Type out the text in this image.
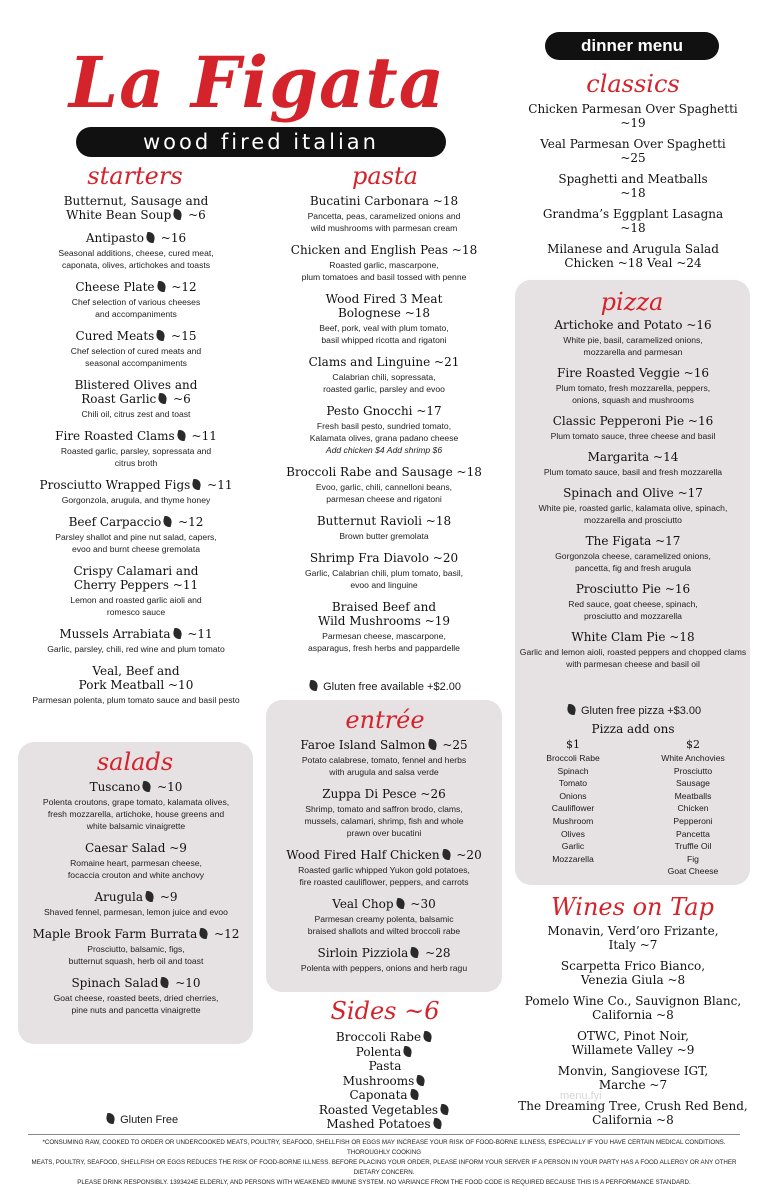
La Figata
wood fired italian
dinner menu
starters
Butternut, Sausage and
White Bean Soup ~6
Antipasto ~16
Seasonal additions, cheese, cured meat,
caponata, olives, artichokes and toasts
Cheese Plate ~12
Chef selection of various cheeses
and accompaniments
Cured Meats ~15
Chef selection of cured meats and
seasonal accompaniments
Blistered Olives and
Roast Garlic ~6
Chili oil, citrus zest and toast
Fire Roasted Clams ~11
Roasted garlic, parsley, sopressata and
citrus broth
Prosciutto Wrapped Figs ~11
Gorgonzola, arugula, and thyme honey
Beef Carpaccio ~12
Parsley shallot and pine nut salad, capers,
evoo and burnt cheese gremolata
Crispy Calamari and
Cherry Peppers ~11
Lemon and roasted garlic aioli and
romesco sauce
Mussels Arrabiata ~11
Garlic, parsley, chili, red wine and plum tomato
Veal, Beef and
Pork Meatball ~10
Parmesan polenta, plum tomato sauce and basil pesto
salads
Tuscano ~10
Polenta croutons, grape tomato, kalamata olives,
fresh mozzarella, artichoke, house greens and
white balsamic vinaigrette
Caesar Salad ~9
Romaine heart, parmesan cheese,
focaccia crouton and white anchovy
Arugula ~9
Shaved fennel, parmesan, lemon juice and evoo
Maple Brook Farm Burrata ~12
Prosciutto, balsamic, figs,
butternut squash, herb oil and toast
Spinach Salad ~10
Goat cheese, roasted beets, dried cherries,
pine nuts and pancetta vinaigrette
Gluten Free
pasta
Bucatini Carbonara ~18
Pancetta, peas, caramelized onions and
wild mushrooms with parmesan cream
Chicken and English Peas ~18
Roasted garlic, mascarpone,
plum tomatoes and basil tossed with penne
Wood Fired 3 Meat
Bolognese ~18
Beef, pork, veal with plum tomato,
basil whipped ricotta and rigatoni
Clams and Linguine ~21
Calabrian chili, sopressata,
roasted garlic, parsley and evoo
Pesto Gnocchi ~17
Fresh basil pesto, sundried tomato,
Kalamata olives, grana padano cheese
Add chicken $4 Add shrimp $6
Broccoli Rabe and Sausage ~18
Evoo, garlic, chili, cannelloni beans,
parmesan cheese and rigatoni
Butternut Ravioli ~18
Brown butter gremolata
Shrimp Fra Diavolo ~20
Garlic, Calabrian chili, plum tomato, basil,
evoo and linguine
Braised Beef and
Wild Mushrooms ~19
Parmesan cheese, mascarpone,
asparagus, fresh herbs and pappardelle
Gluten free available +$2.00
entrée
Faroe Island Salmon ~25
Potato calabrese, tomato, fennel and herbs
with arugula and salsa verde
Zuppa Di Pesce ~26
Shrimp, tomato and saffron brodo, clams,
mussels, calamari, shrimp, fish and whole
prawn over bucatini
Wood Fired Half Chicken ~20
Roasted garlic whipped Yukon gold potatoes,
fire roasted cauliflower, peppers, and carrots
Veal Chop ~30
Parmesan creamy polenta, balsamic
braised shallots and wilted broccoli rabe
Sirloin Pizziola ~28
Polenta with peppers, onions and herb ragu
Sides ~6
Broccoli Rabe
Polenta
Pasta
Mushrooms
Caponata
Roasted Vegetables
Mashed Potatoes
classics
Chicken Parmesan Over Spaghetti
~19
Veal Parmesan Over Spaghetti
~25
Spaghetti and Meatballs
~18
Grandma’s Eggplant Lasagna
~18
Milanese and Arugula Salad
Chicken ~18 Veal ~24
pizza
Artichoke and Potato ~16
White pie, basil, caramelized onions,
mozzarella and parmesan
Fire Roasted Veggie ~16
Plum tomato, fresh mozzarella, peppers,
onions, squash and mushrooms
Classic Pepperoni Pie ~16
Plum tomato sauce, three cheese and basil
Margarita ~14
Plum tomato sauce, basil and fresh mozzarella
Spinach and Olive ~17
White pie, roasted garlic, kalamata olive, spinach,
mozzarella and prosciutto
The Figata ~17
Gorgonzola cheese, caramelized onions,
pancetta, fig and fresh arugula
Prosciutto Pie ~16
Red sauce, goat cheese, spinach,
prosciutto and mozzarella
White Clam Pie ~18
Garlic and lemon aioli, roasted peppers and chopped clams
with parmesan cheese and basil oil
Gluten free pizza +$3.00
Pizza add ons
$1
Broccoli Rabe
Spinach
Tomato
Onions
Cauliflower
Mushroom
Olives
Garlic
Mozzarella
$2
White Anchovies
Prosciutto
Sausage
Meatballs
Chicken
Pepperoni
Pancetta
Truffle Oil
Fig
Goat Cheese
Wines on Tap
Monavin, Verd’oro Frizante,
Italy ~7
Scarpetta Frico Bianco,
Venezia Giula ~8
Pomelo Wine Co., Sauvignon Blanc,
California ~8
OTWC, Pinot Noir,
Willamete Valley ~9
Monvin, Sangiovese IGT,
Marche ~7
The Dreaming Tree, Crush Red Bend,
California ~8
menu.fyi
*CONSUMING RAW, COOKED TO ORDER OR UNDERCOOKED MEATS, POULTRY, SEAFOOD, SHELLFISH OR EGGS MAY INCREASE YOUR RISK OF FOOD-BORNE ILLNESS, ESPECIALLY IF YOU HAVE CERTAIN MEDICAL CONDITIONS. THOROUGHLY COOKING
MEATS, POULTRY, SEAFOOD, SHELLFISH OR EGGS REDUCES THE RISK OF FOOD-BORNE ILLNESS. BEFORE PLACING YOUR ORDER, PLEASE INFORM YOUR SERVER IF A PERSON IN YOUR PARTY HAS A FOOD ALLERGY OR ANY OTHER DIETARY CONCERN.
PLEASE DRINK RESPONSIBLY. 1393424E ELDERLY, AND PERSONS WITH WEAKENED IMMUNE SYSTEM. NO VARIANCE FROM THE FOOD CODE IS REQUIRED BECAUSE THIS IS A PERFORMANCE STANDARD.
